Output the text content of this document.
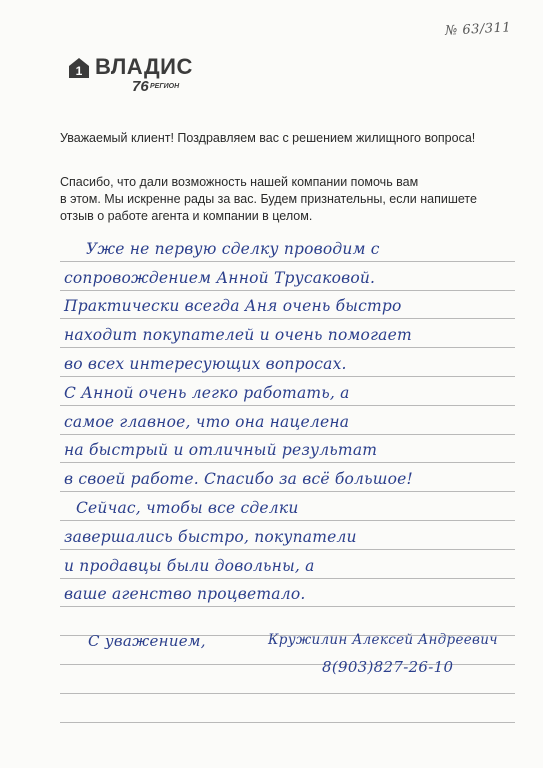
№ 63/311
1 ВЛАДИС
76 РЕГИОН
Уважаемый клиент! Поздравляем вас с решением жилищного вопроса!
Спасибо, что дали возможность нашей компании помочь вам
в этом. Мы искренне рады за вас. Будем признательны, если напишете
отзыв о работе агента и компании в целом.
Уже не первую сделку проводим с
сопровождением Анной Трусаковой.
Практически всегда Аня очень быстро
находит покупателей и очень помогает
во всех интересующих вопросах.
С Анной очень легко работать, а
самое главное, что она нацелена
на быстрый и отличный результат
в своей работе. Спасибо за всё большое!
Сейчас, чтобы все сделки
завершались быстро, покупатели
и продавцы были довольны, а
ваше агенство процветало.
С уважением,	Кружилин Алексей Андреевич
8(903)827-26-10
